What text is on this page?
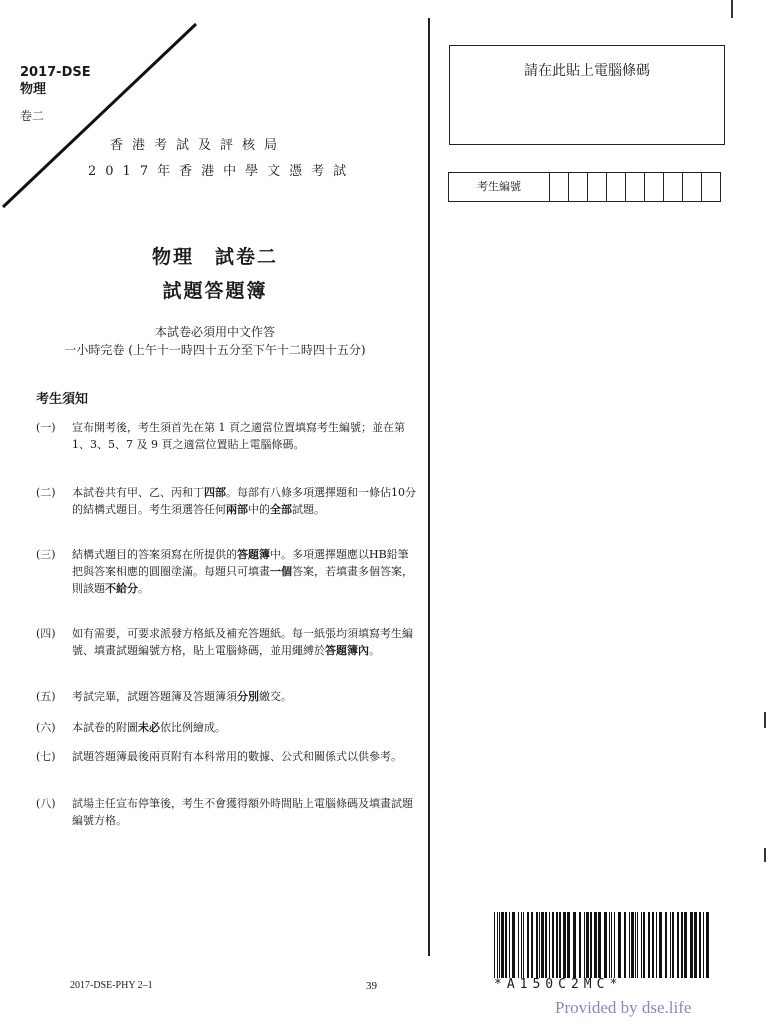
2017-DSE
物理
卷二
香港考試及評核局
2017年香港中學文憑考試
物理　試卷二
試題答題簿
本試卷必須用中文作答
一小時完卷 (上午十一時四十五分至下午十二時四十五分)
考生須知
(一) 宣布開考後，考生須首先在第 1 頁之適當位置填寫考生編號；並在第 1、3、5、7 及 9 頁之適當位置貼上電腦條碼。
(二) 本試卷共有甲、乙、丙和丁四部。每部有八條多項選擇題和一條佔10分的結構式題目。考生須選答任何兩部中的全部試題。
(三) 結構式題目的答案須寫在所提供的答題簿中。多項選擇題應以HB鉛筆把與答案相應的圓圈塗滿。每題只可填畫一個答案，若填畫多個答案，則該題不給分。
(四) 如有需要，可要求派發方格紙及補充答題紙。每一紙張均須填寫考生編號、填畫試題編號方格，貼上電腦條碼，並用繩縛於答題簿內。
(五) 考試完畢，試題答題簿及答題簿須分別繳交。
(六) 本試卷的附圖未必依比例繪成。
(七) 試題答題簿最後兩頁附有本科常用的數據、公式和關係式以供參考。
(八) 試場主任宣布停筆後，考生不會獲得額外時間貼上電腦條碼及填畫試題編號方格。
請在此貼上電腦條碼
考生編號
*A150C2MC*
2017-DSE-PHY 2–1	39
Provided by dse.life
